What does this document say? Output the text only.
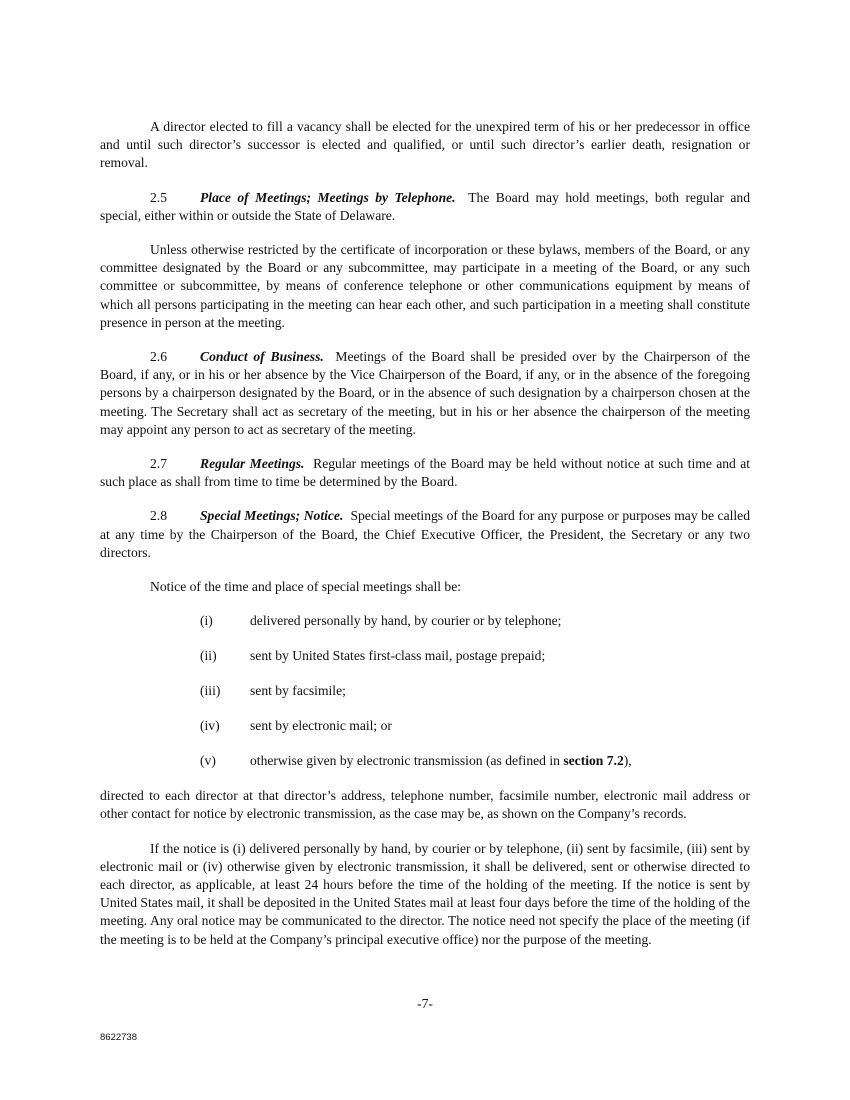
A director elected to fill a vacancy shall be elected for the unexpired term of his or her predecessor in office and until such director’s successor is elected and qualified, or until such director’s earlier death, resignation or removal.

2.5 Place of Meetings; Meetings by Telephone. The Board may hold meetings, both regular and special, either within or outside the State of Delaware.

Unless otherwise restricted by the certificate of incorporation or these bylaws, members of the Board, or any committee designated by the Board or any subcommittee, may participate in a meeting of the Board, or any such committee or subcommittee, by means of conference telephone or other communications equipment by means of which all persons participating in the meeting can hear each other, and such participation in a meeting shall constitute presence in person at the meeting.

2.6 Conduct of Business. Meetings of the Board shall be presided over by the Chairperson of the Board, if any, or in his or her absence by the Vice Chairperson of the Board, if any, or in the absence of the foregoing persons by a chairperson designated by the Board, or in the absence of such designation by a chairperson chosen at the meeting. The Secretary shall act as secretary of the meeting, but in his or her absence the chairperson of the meeting may appoint any person to act as secretary of the meeting.

2.7 Regular Meetings. Regular meetings of the Board may be held without notice at such time and at such place as shall from time to time be determined by the Board.

2.8 Special Meetings; Notice. Special meetings of the Board for any purpose or purposes may be called at any time by the Chairperson of the Board, the Chief Executive Officer, the President, the Secretary or any two directors.

Notice of the time and place of special meetings shall be:

(i)	delivered personally by hand, by courier or by telephone;
(ii)	sent by United States first-class mail, postage prepaid;
(iii)	sent by facsimile;
(iv)	sent by electronic mail; or
(v)	otherwise given by electronic transmission (as defined in section 7.2),

directed to each director at that director’s address, telephone number, facsimile number, electronic mail address or other contact for notice by electronic transmission, as the case may be, as shown on the Company’s records.

If the notice is (i) delivered personally by hand, by courier or by telephone, (ii) sent by facsimile, (iii) sent by electronic mail or (iv) otherwise given by electronic transmission, it shall be delivered, sent or otherwise directed to each director, as applicable, at least 24 hours before the time of the holding of the meeting. If the notice is sent by United States mail, it shall be deposited in the United States mail at least four days before the time of the holding of the meeting. Any oral notice may be communicated to the director. The notice need not specify the place of the meeting (if the meeting is to be held at the Company’s principal executive office) nor the purpose of the meeting.

-7-
8622738
